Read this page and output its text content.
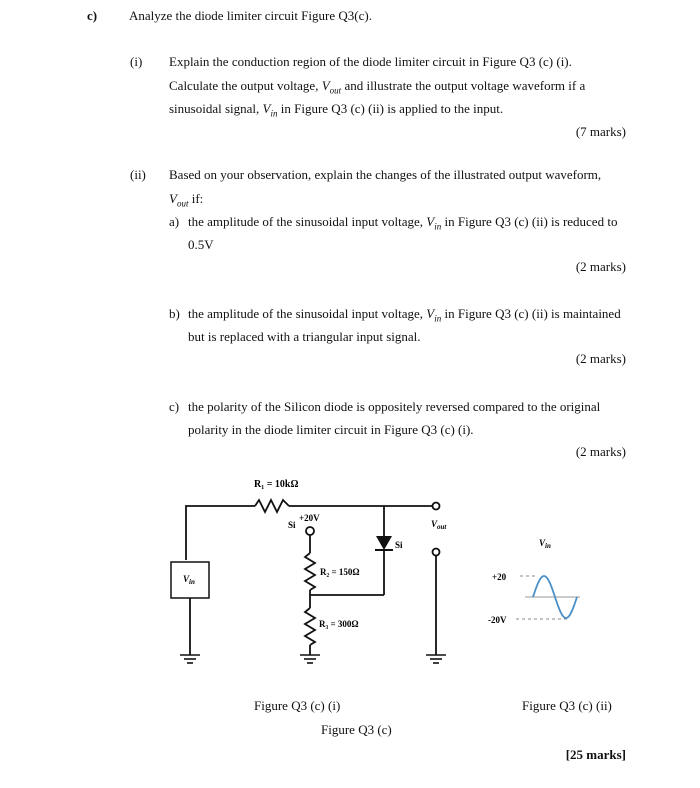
c) Analyze the diode limiter circuit Figure Q3(c).
(i) Explain the conduction region of the diode limiter circuit in Figure Q3 (c) (i).
Calculate the output voltage, $V_{out}$ and illustrate the output voltage waveform if a
sinusoidal signal, $V_{in}$ in Figure Q3 (c) (ii) is applied to the input.
(7 marks)
(ii) Based on your observation, explain the changes of the illustrated output waveform,
$V_{out}$ if:
a) the amplitude of the sinusoidal input voltage, $V_{in}$ in Figure Q3 (c) (ii) is reduced to
0.5V
(2 marks)
b) the amplitude of the sinusoidal input voltage, $V_{in}$ in Figure Q3 (c) (ii) is maintained
but is replaced with a triangular input signal.
(2 marks)
c) the polarity of the Silicon diode is oppositely reversed compared to the original
polarity in the diode limiter circuit in Figure Q3 (c) (i).
(2 marks)
R₁ = 10kΩ
+20V
Si
Si
R₂ = 150Ω
R₃ = 300Ω
$V_{in}$
$V_{out}$
$V_{in}$
+20
-20V
Figure Q3 (c) (i)	Figure Q3 (c) (ii)
Figure Q3 (c)
[25 marks]
